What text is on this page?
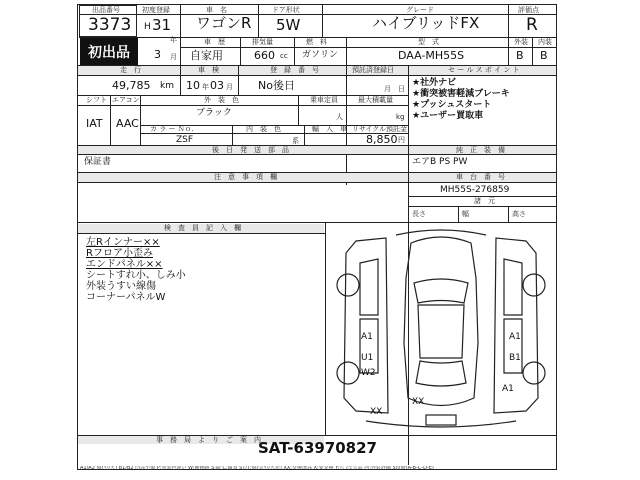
出品番号
3373
初度登録
H 31
年
車　名
ワゴンR
ドア形状
5W
グレード
ハイブリッドFX
評価点
R
初出品	3 月
車　歴
自家用
排気量
660 cc
燃　料
ガソリン
型　式
DAA-MH55S
外装 内装
B B
走　行
49,785 km
車　検
10 年 03 月
登　録　番　号
No後日
預託済登録日
月 日
セ ー ル ス ポ イ ン ト
★社外ナビ
★衝突被害軽減ブレーキ
★プッシュスタート
★ユーザー買取車
シフト エアコン
IAT AAC
外　装　色
ブラック
乗車定員
人
最大積載量
kg
カ ラ ー Ｎｏ.	内　装　色	輸　入　車 リサイクル預託金
ZSF	系	8,850 円
純　正　装　備
エアB PS PW
後　日　発　送　部　品
保証書
注　意　事　項　欄	車　台　番　号
MH55S-276859
諸　元
長さ	幅	高さ
検　査　員　記　入　欄
左Rインナー××
Rフロア小歪み
エンドパネル××
シートすれ小、しみ小
外装うすい線傷
コーナーパネルW
A1	A1
U1	B1
W2
A1
XX
XX
事　務　局　よ　り　ご　案　内
SAT-63970827
A1/A2 傷(小/大) B1/B2 凹み小傷 P:塗装色違い W:補修跡 S:錆 C:腐食 ST/T:飛石(小/大)凹 XX:交換済み X:要交換 Y:穴 凸:欠品 内:外装評価 5段階(A-B-C-D-E)
